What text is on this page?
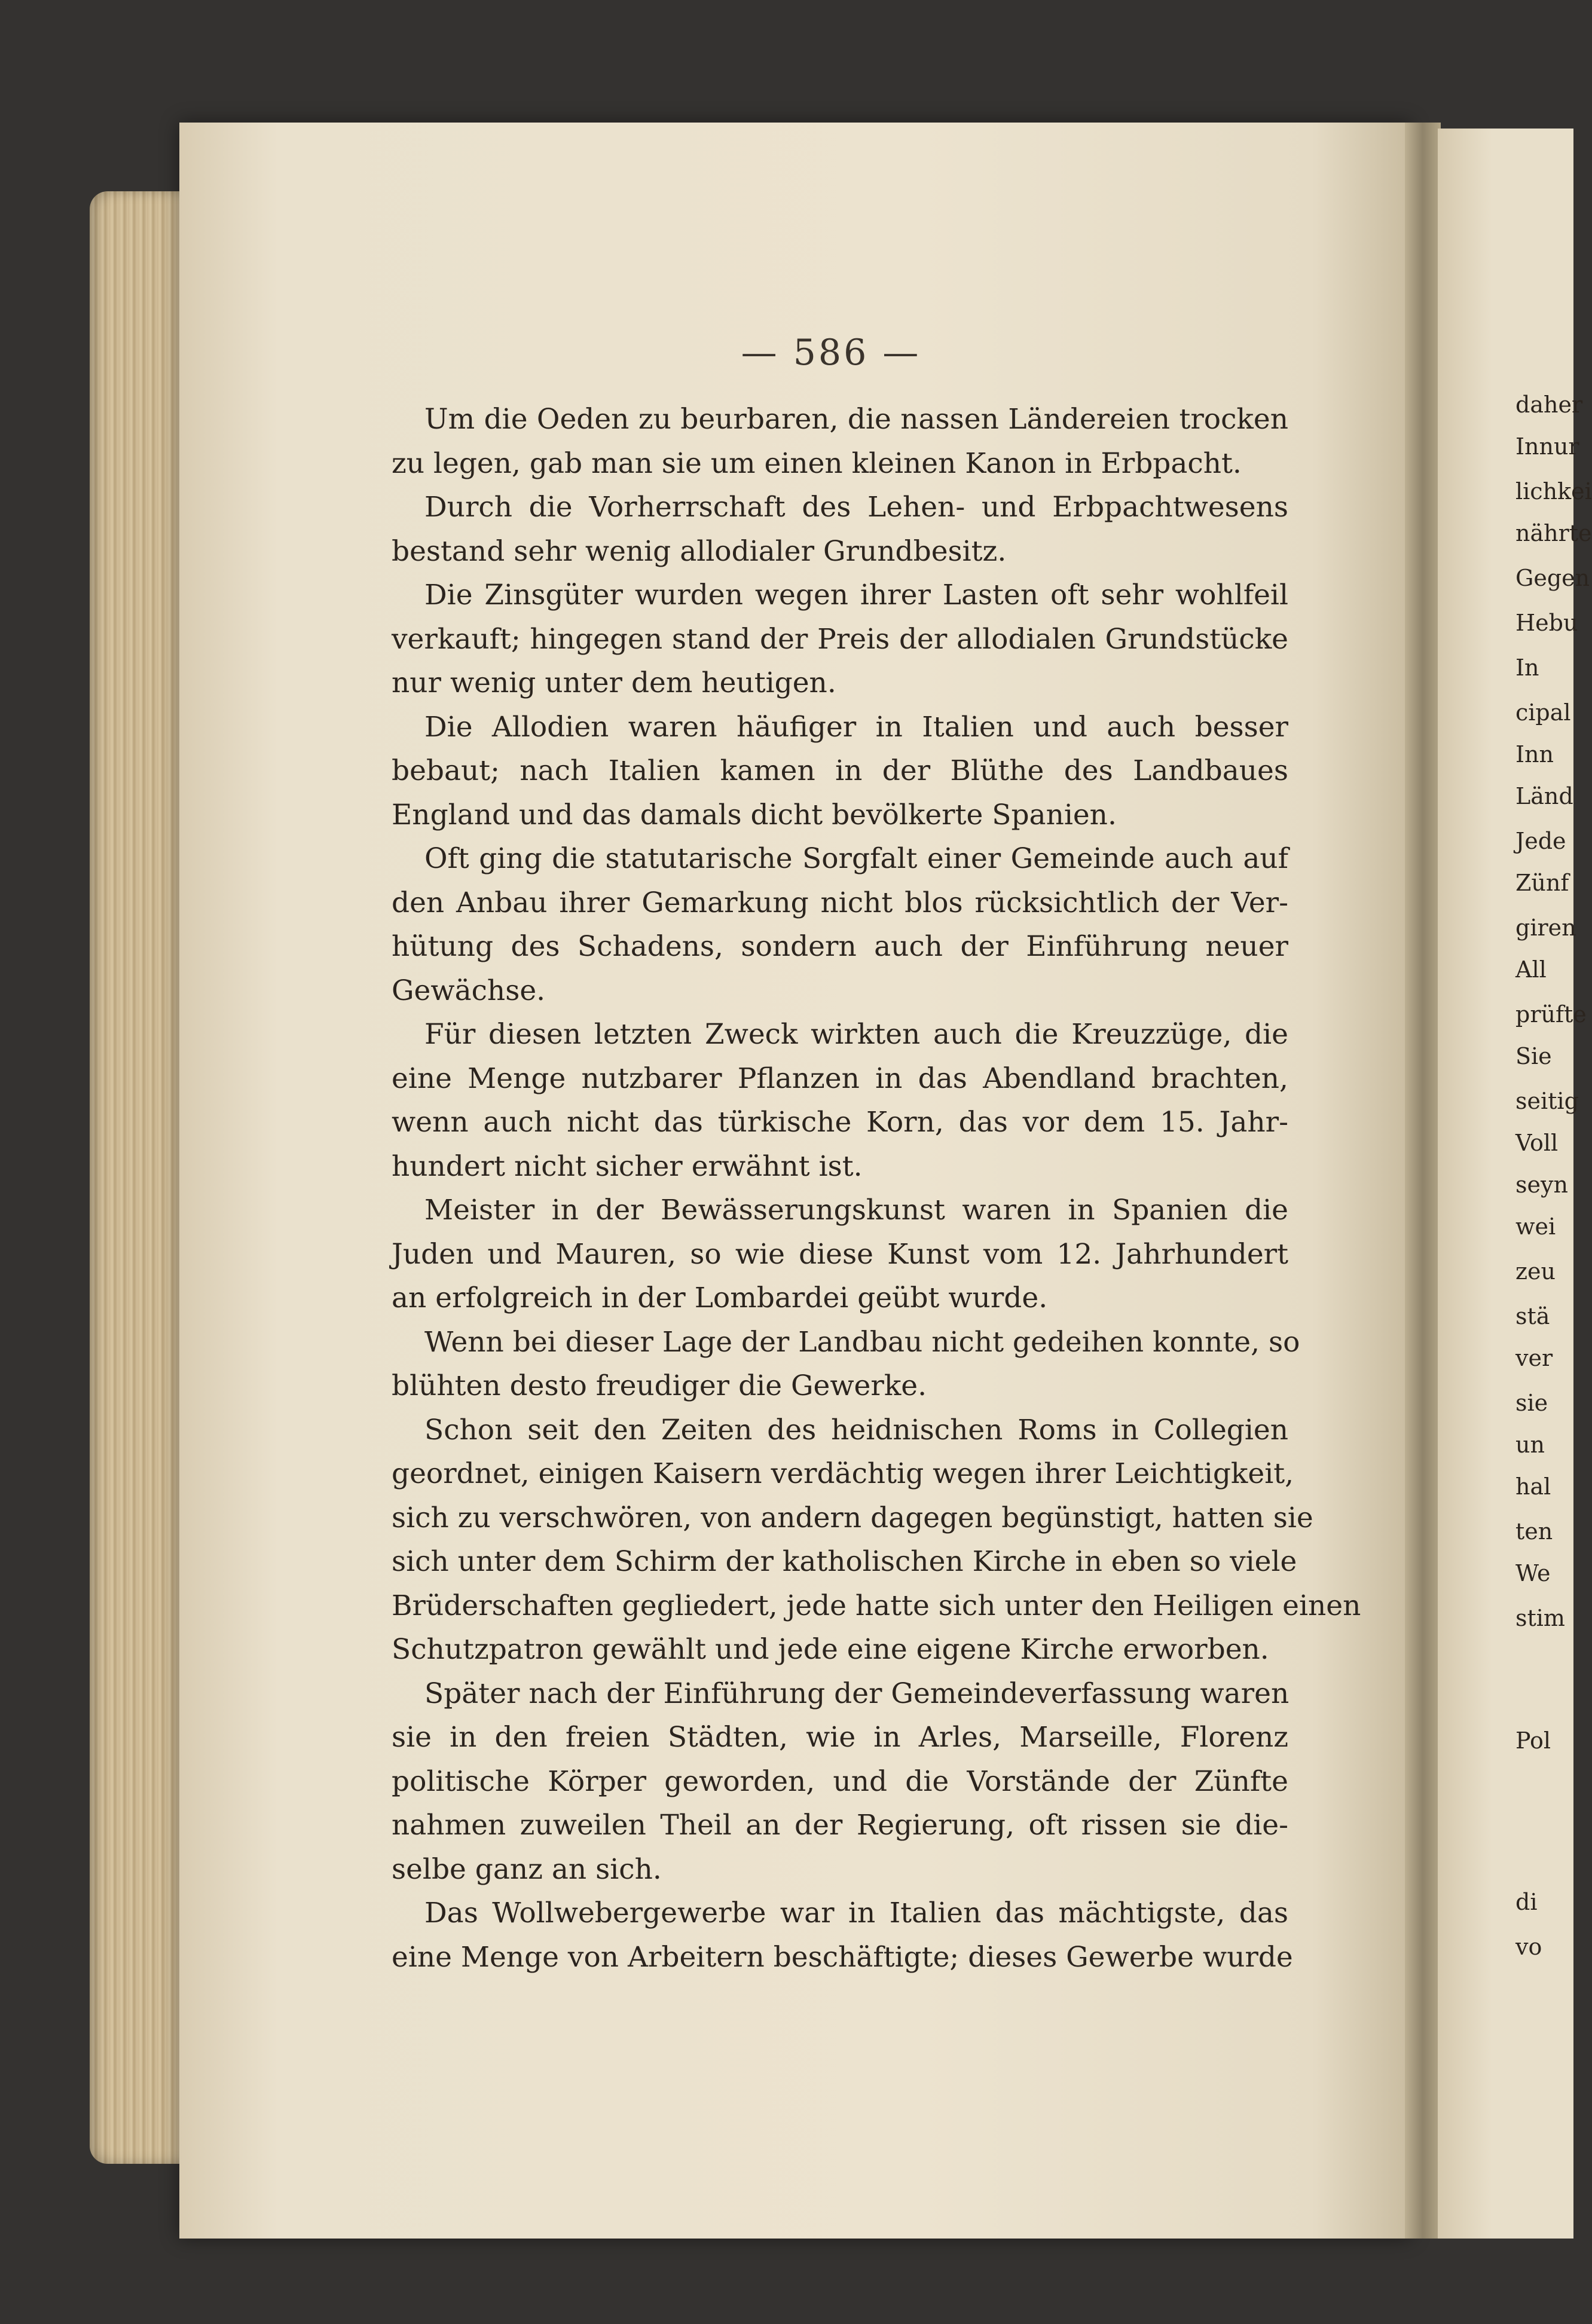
— 586 —
Um die Oeden zu beurbaren, die nassen Ländereien trocken
zu legen, gab man sie um einen kleinen Kanon in Erbpacht.
Durch die Vorherrschaft des Lehen- und Erbpachtwesens
bestand sehr wenig allodialer Grundbesitz.
Die Zinsgüter wurden wegen ihrer Lasten oft sehr wohlfeil
verkauft; hingegen stand der Preis der allodialen Grundstücke
nur wenig unter dem heutigen.
Die Allodien waren häufiger in Italien und auch besser
bebaut; nach Italien kamen in der Blüthe des Landbaues
England und das damals dicht bevölkerte Spanien.
Oft ging die statutarische Sorgfalt einer Gemeinde auch auf
den Anbau ihrer Gemarkung nicht blos rücksichtlich der Ver-
hütung des Schadens, sondern auch der Einführung neuer
Gewächse.
Für diesen letzten Zweck wirkten auch die Kreuzzüge, die
eine Menge nutzbarer Pflanzen in das Abendland brachten,
wenn auch nicht das türkische Korn, das vor dem 15. Jahr-
hundert nicht sicher erwähnt ist.
Meister in der Bewässerungskunst waren in Spanien die
Juden und Mauren, so wie diese Kunst vom 12. Jahrhundert
an erfolgreich in der Lombardei geübt wurde.
Wenn bei dieser Lage der Landbau nicht gedeihen konnte, so
blühten desto freudiger die Gewerke.
Schon seit den Zeiten des heidnischen Roms in Collegien
geordnet, einigen Kaisern verdächtig wegen ihrer Leichtigkeit,
sich zu verschwören, von andern dagegen begünstigt, hatten sie
sich unter dem Schirm der katholischen Kirche in eben so viele
Brüderschaften gegliedert, jede hatte sich unter den Heiligen einen
Schutzpatron gewählt und jede eine eigene Kirche erworben.
Später nach der Einführung der Gemeindeverfassung waren
sie in den freien Städten, wie in Arles, Marseille, Florenz
politische Körper geworden, und die Vorstände der Zünfte
nahmen zuweilen Theil an der Regierung, oft rissen sie die-
selbe ganz an sich.
Das Wollwebergewerbe war in Italien das mächtigste, das
eine Menge von Arbeitern beschäftigte; dieses Gewerbe wurde
daher
Innur
lichkei
nährte
Gegen
Hebu
In
cipal
Inn
Länd
Jede
Zünf
giren
All
prüfte
Sie
seitig
Voll
seyn
wei
zeu
stä
ver
sie
un
hal
ten
We
stim
Pol
di
vo
